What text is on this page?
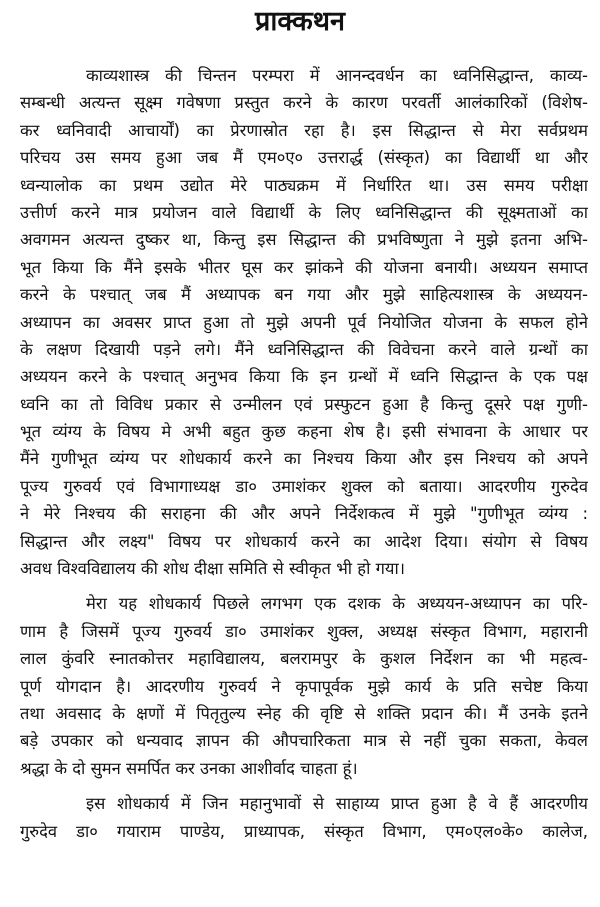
प्राक्कथन
काव्यशास्त्र की चिन्तन परम्परा में आनन्दवर्धन का ध्वनिसिद्धान्त, काव्य-
सम्बन्धी अत्यन्त सूक्ष्म गवेषणा प्रस्तुत करने के कारण परवर्ती आलंकारिकों (विशेष-
कर ध्वनिवादी आचार्यों) का प्रेरणास्रोत रहा है। इस सिद्धान्त से मेरा सर्वप्रथम
परिचय उस समय हुआ जब मैं एम०ए० उत्तरार्द्ध (संस्कृत) का विद्यार्थी था और
ध्वन्यालोक का प्रथम उद्योत मेरे पाठ्यक्रम में निर्धारित था। उस समय परीक्षा
उत्तीर्ण करने मात्र प्रयोजन वाले विद्यार्थी के लिए ध्वनिसिद्धान्त की सूक्ष्मताओं का
अवगमन अत्यन्त दुष्कर था, किन्तु इस सिद्धान्त की प्रभविष्णुता ने मुझे इतना अभि-
भूत किया कि मैंने इसके भीतर घूस कर झांकने की योजना बनायी। अध्ययन समाप्त
करने के पश्चात् जब मैं अध्यापक बन गया और मुझे साहित्यशास्त्र के अध्ययन-
अध्यापन का अवसर प्राप्त हुआ तो मुझे अपनी पूर्व नियोजित योजना के सफल होने
के लक्षण दिखायी पड़ने लगे। मैंने ध्वनिसिद्धान्त की विवेचना करने वाले ग्रन्थों का
अध्ययन करने के पश्चात् अनुभव किया कि इन ग्रन्थों में ध्वनि सिद्धान्त के एक पक्ष
ध्वनि का तो विविध प्रकार से उन्मीलन एवं प्रस्फुटन हुआ है किन्तु दूसरे पक्ष गुणी-
भूत व्यंग्य के विषय मे अभी बहुत कुछ कहना शेष है। इसी संभावना के आधार पर
मैंने गुणीभूत व्यंग्य पर शोधकार्य करने का निश्चय किया और इस निश्चय को अपने
पूज्य गुरुवर्य एवं विभागाध्यक्ष डा० उमाशंकर शुक्ल को बताया। आदरणीय गुरुदेव
ने मेरे निश्चय की सराहना की और अपने निर्देशकत्व में मुझे "गुणीभूत व्यंग्य :
सिद्धान्त और लक्ष्य" विषय पर शोधकार्य करने का आदेश दिया। संयोग से विषय
अवध विश्वविद्यालय की शोध दीक्षा समिति से स्वीकृत भी हो गया।
मेरा यह शोधकार्य पिछले लगभग एक दशक के अध्ययन-अध्यापन का परि-
णाम है जिसमें पूज्य गुरुवर्य डा० उमाशंकर शुक्ल, अध्यक्ष संस्कृत विभाग, महारानी
लाल कुंवरि स्नातकोत्तर महाविद्यालय, बलरामपुर के कुशल निर्देशन का भी महत्व-
पूर्ण योगदान है। आदरणीय गुरुवर्य ने कृपापूर्वक मुझे कार्य के प्रति सचेष्ट किया
तथा अवसाद के क्षणों में पितृतुल्य स्नेह की वृष्टि से शक्ति प्रदान की। मैं उनके इतने
बड़े उपकार को धन्यवाद ज्ञापन की औपचारिकता मात्र से नहीं चुका सकता, केवल
श्रद्धा के दो सुमन समर्पित कर उनका आशीर्वाद चाहता हूं।
इस शोधकार्य में जिन महानुभावों से साहाय्य प्राप्त हुआ है वे हैं आदरणीय
गुरुदेव डा० गयाराम पाण्डेय, प्राध्यापक, संस्कृत विभाग, एम०एल०के० कालेज,
